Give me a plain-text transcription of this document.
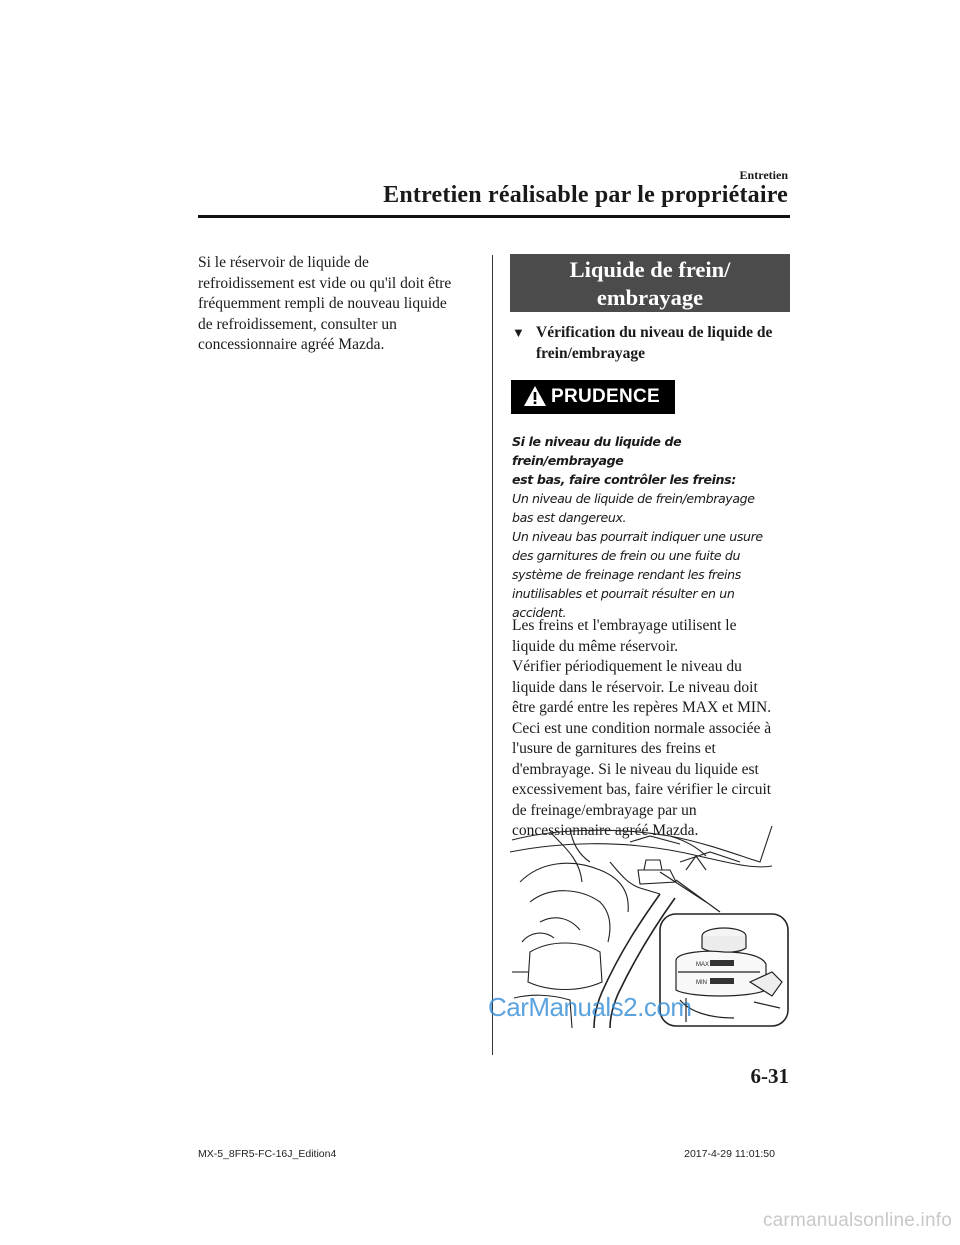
Entretien
Entretien réalisable par le propriétaire
Si le réservoir de liquide de
refroidissement est vide ou qu'il doit être
fréquemment rempli de nouveau liquide
de refroidissement, consulter un
concessionnaire agréé Mazda.
Liquide de frein/
embrayage
▼ Vérification du niveau de liquide de
frein/embrayage
PRUDENCE
Si le niveau du liquide de frein/embrayage
est bas, faire contrôler les freins:
Un niveau de liquide de frein/embrayage
bas est dangereux.
Un niveau bas pourrait indiquer une usure
des garnitures de frein ou une fuite du
système de freinage rendant les freins
inutilisables et pourrait résulter en un
accident.
Les freins et l'embrayage utilisent le
liquide du même réservoir.
Vérifier périodiquement le niveau du
liquide dans le réservoir. Le niveau doit
être gardé entre les repères MAX et MIN.
Ceci est une condition normale associée à
l'usure de garnitures des freins et
d'embrayage. Si le niveau du liquide est
excessivement bas, faire vérifier le circuit
de freinage/embrayage par un
concessionnaire agréé Mazda.
MAX
MIN
CarManuals2.com
6-31
MX-5_8FR5-FC-16J_Edition4	2017-4-29 11:01:50
carmanualsonline.info
